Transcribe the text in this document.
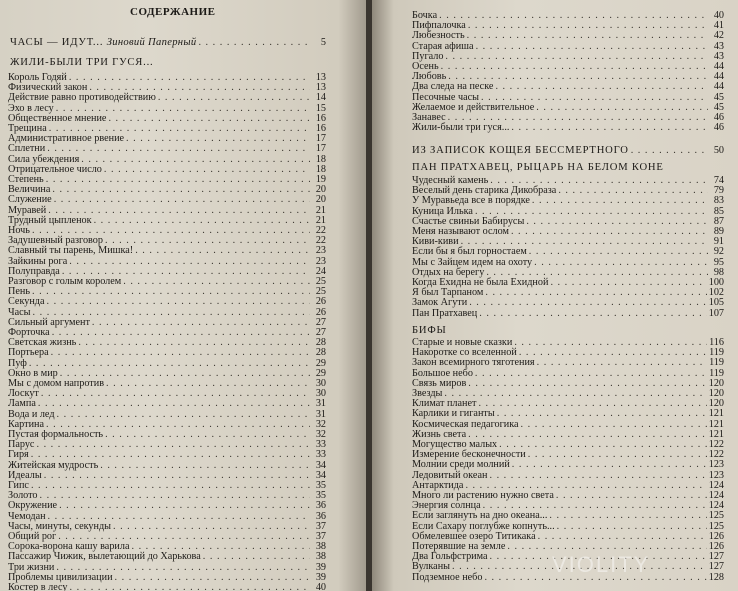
СОДЕРЖАНИЕ
ЧАСЫ — ИДУТ... Зиновий Паперный . . .	5
ЖИЛИ-БЫЛИ ТРИ ГУСЯ...
Король Годяй . . .	13
Физический закон . . .	13
Действие равно противодействию . . .	14
Эхо в лесу . . .	15
Общественное мнение . . .	16
Трещина . . .	16
Административное рвение . . .	17
Сплетни . . .	17
Сила убеждения . . .	18
Отрицательное число . . .	18
Степень . . .	19
Величина . . .	20
Служение . . .	20
Муравей . . .	21
Трудный цыпленок . . .	21
Ночь . . .	22
Задушевный разговор . . .	22
Славный ты парень, Мишка! . . .	23
Зайкины рога . . .	23
Полуправда . . .	24
Разговор с голым королем . . .	25
Пень . . .	25
Секунда . . .	26
Часы . . .	26
Сильный аргумент . . .	27
Форточка . . .	27
Светская жизнь . . .	28
Портьера . . .	28
Пуф . . .	29
Окно в мир . . .	29
Мы с домом напротив . . .	30
Лоскут . . .	30
Лампа . . .	31
Вода и лед . . .	31
Картина . . .	32
Пустая формальность . . .	32
Парус . . .	33
Гиря . . .	33
Житейская мудрость . . .	34
Идеалы . . .	34
Гипс . . .	35
Золото . . .	35
Окружение . . .	36
Чемодан . . .	36
Часы, минуты, секунды . . .	37
Общий рог . . .	37
Сорока-ворона кашу варила . . .	38
Пассажир Чижик, вылетающий до Харькова . . .	38
Три жизни . . .	39
Проблемы цивилизации . . .	39
Костер в лесу . . .	40
Бочка . . .	40
Пифпалочка . . .	41
Любезность . . .	42
Старая афиша . . .	43
Пугало . . .	43
Осень . . .	44
Любовь . . .	44
Два следа на песке . . .	44
Песочные часы . . .	45
Желаемое и действительное . . .	45
Занавес . . .	46
Жили-были три гуся... . . .	46
ИЗ ЗАПИСОК КОЩЕЯ БЕССМЕРТНОГО . . .	50
ПАН ПРАТХАВЕЦ, РЫЦАРЬ НА БЕЛОМ КОНЕ
Чудесный камень . . .	74
Веселый день старика Дикобраза . . .	79
У Муравьеда все в порядке . . .	83
Куница Илька . . .	85
Счастье свиньи Бабирусы . . .	87
Меня называют ослом . . .	89
Киви-киви . . .	91
Если бы я был горностаем . . .	92
Мы с Зайцем идем на охоту . . .	95
Отдых на берегу . . .	98
Когда Ехидна не была Ехидной . . .	100
Я был Тарпаном . . .	102
Замок Агути . . .	105
Пан Пратхавец . . .	107
БИФЫ
Старые и новые сказки . . .	116
Накоротке со вселенной . . .	119
Закон всемирного тяготения . . .	119
Большое небо . . .	119
Связь миров . . .	120
Звезды . . .	120
Климат планет . . .	120
Карлики и гиганты . . .	121
Космическая педагогика . . .	121
Жизнь света . . .	121
Могущество малых . . .	122
Измерение бесконечности . . .	122
Молнии среди молний . . .	123
Ледовитый океан . . .	123
Антарктида . . .	124
Много ли растению нужно света . . .	124
Энергия солнца . . .	124
Если заглянуть на дно океана... . . .	125
Если Сахару поглубже копнуть... . . .	125
Обмелевшее озеро Титикака . . .	126
Потерявшие на земле . . .	126
Два Гольфстрима . . .	127
Вулканы . . .	127
Подземное небо . . .	128
VIOLITY
